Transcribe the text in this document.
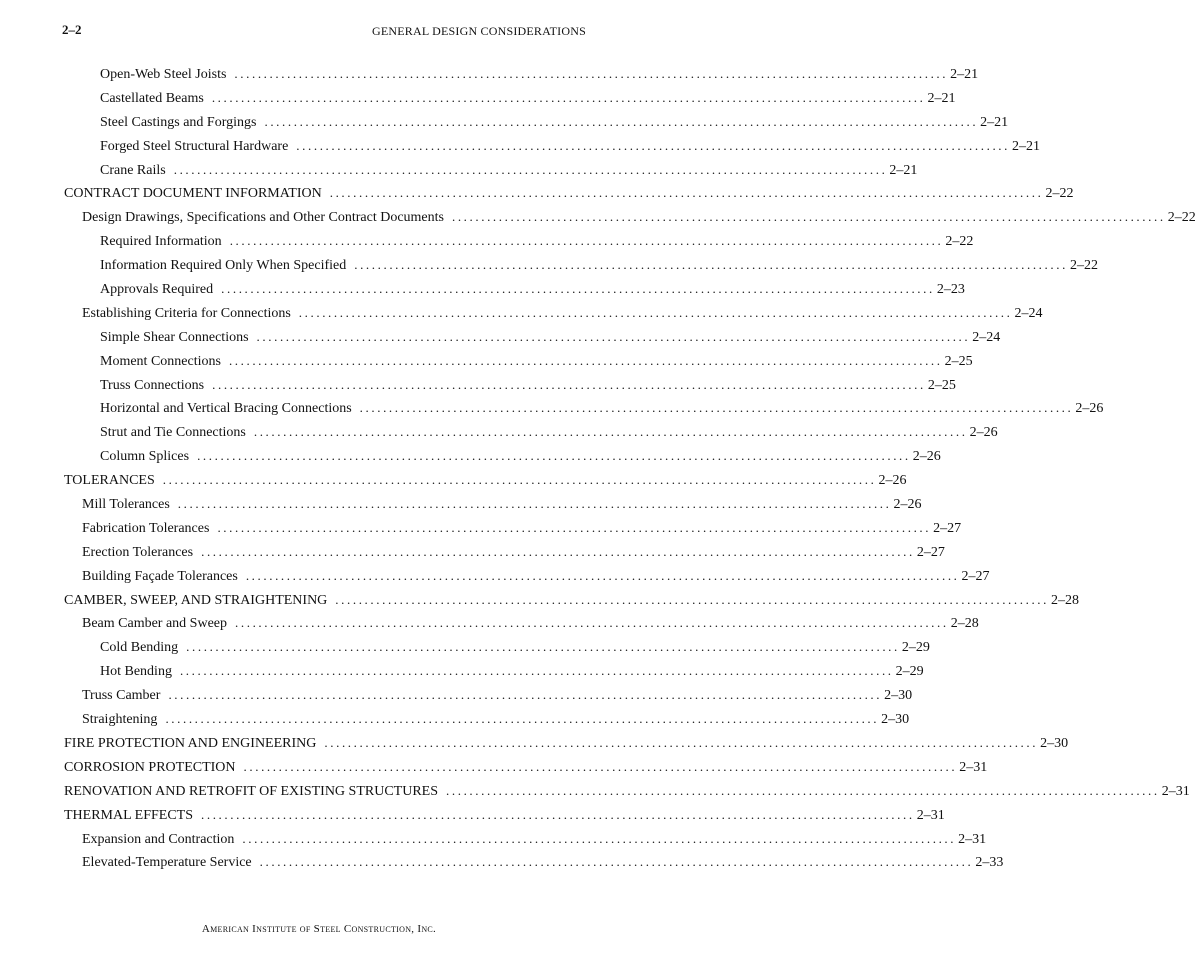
2–2	GENERAL DESIGN CONSIDERATIONS
Open-Web Steel Joists .......................................................................................................................... 2–21
Castellated Beams .......................................................................................................................... 2–21
Steel Castings and Forgings .......................................................................................................................... 2–21
Forged Steel Structural Hardware .......................................................................................................................... 2–21
Crane Rails .......................................................................................................................... 2–21
CONTRACT DOCUMENT INFORMATION .......................................................................................................................... 2–22
Design Drawings, Specifications and Other Contract Documents .......................................................................................................................... 2–22
Required Information .......................................................................................................................... 2–22
Information Required Only When Specified .......................................................................................................................... 2–22
Approvals Required .......................................................................................................................... 2–23
Establishing Criteria for Connections .......................................................................................................................... 2–24
Simple Shear Connections .......................................................................................................................... 2–24
Moment Connections .......................................................................................................................... 2–25
Truss Connections .......................................................................................................................... 2–25
Horizontal and Vertical Bracing Connections .......................................................................................................................... 2–26
Strut and Tie Connections .......................................................................................................................... 2–26
Column Splices .......................................................................................................................... 2–26
TOLERANCES .......................................................................................................................... 2–26
Mill Tolerances .......................................................................................................................... 2–26
Fabrication Tolerances .......................................................................................................................... 2–27
Erection Tolerances .......................................................................................................................... 2–27
Building Façade Tolerances .......................................................................................................................... 2–27
CAMBER, SWEEP, AND STRAIGHTENING .......................................................................................................................... 2–28
Beam Camber and Sweep .......................................................................................................................... 2–28
Cold Bending .......................................................................................................................... 2–29
Hot Bending .......................................................................................................................... 2–29
Truss Camber .......................................................................................................................... 2–30
Straightening .......................................................................................................................... 2–30
FIRE PROTECTION AND ENGINEERING .......................................................................................................................... 2–30
CORROSION PROTECTION .......................................................................................................................... 2–31
RENOVATION AND RETROFIT OF EXISTING STRUCTURES .......................................................................................................................... 2–31
THERMAL EFFECTS .......................................................................................................................... 2–31
Expansion and Contraction .......................................................................................................................... 2–31
Elevated-Temperature Service .......................................................................................................................... 2–33
American Institute of Steel Construction, Inc.
